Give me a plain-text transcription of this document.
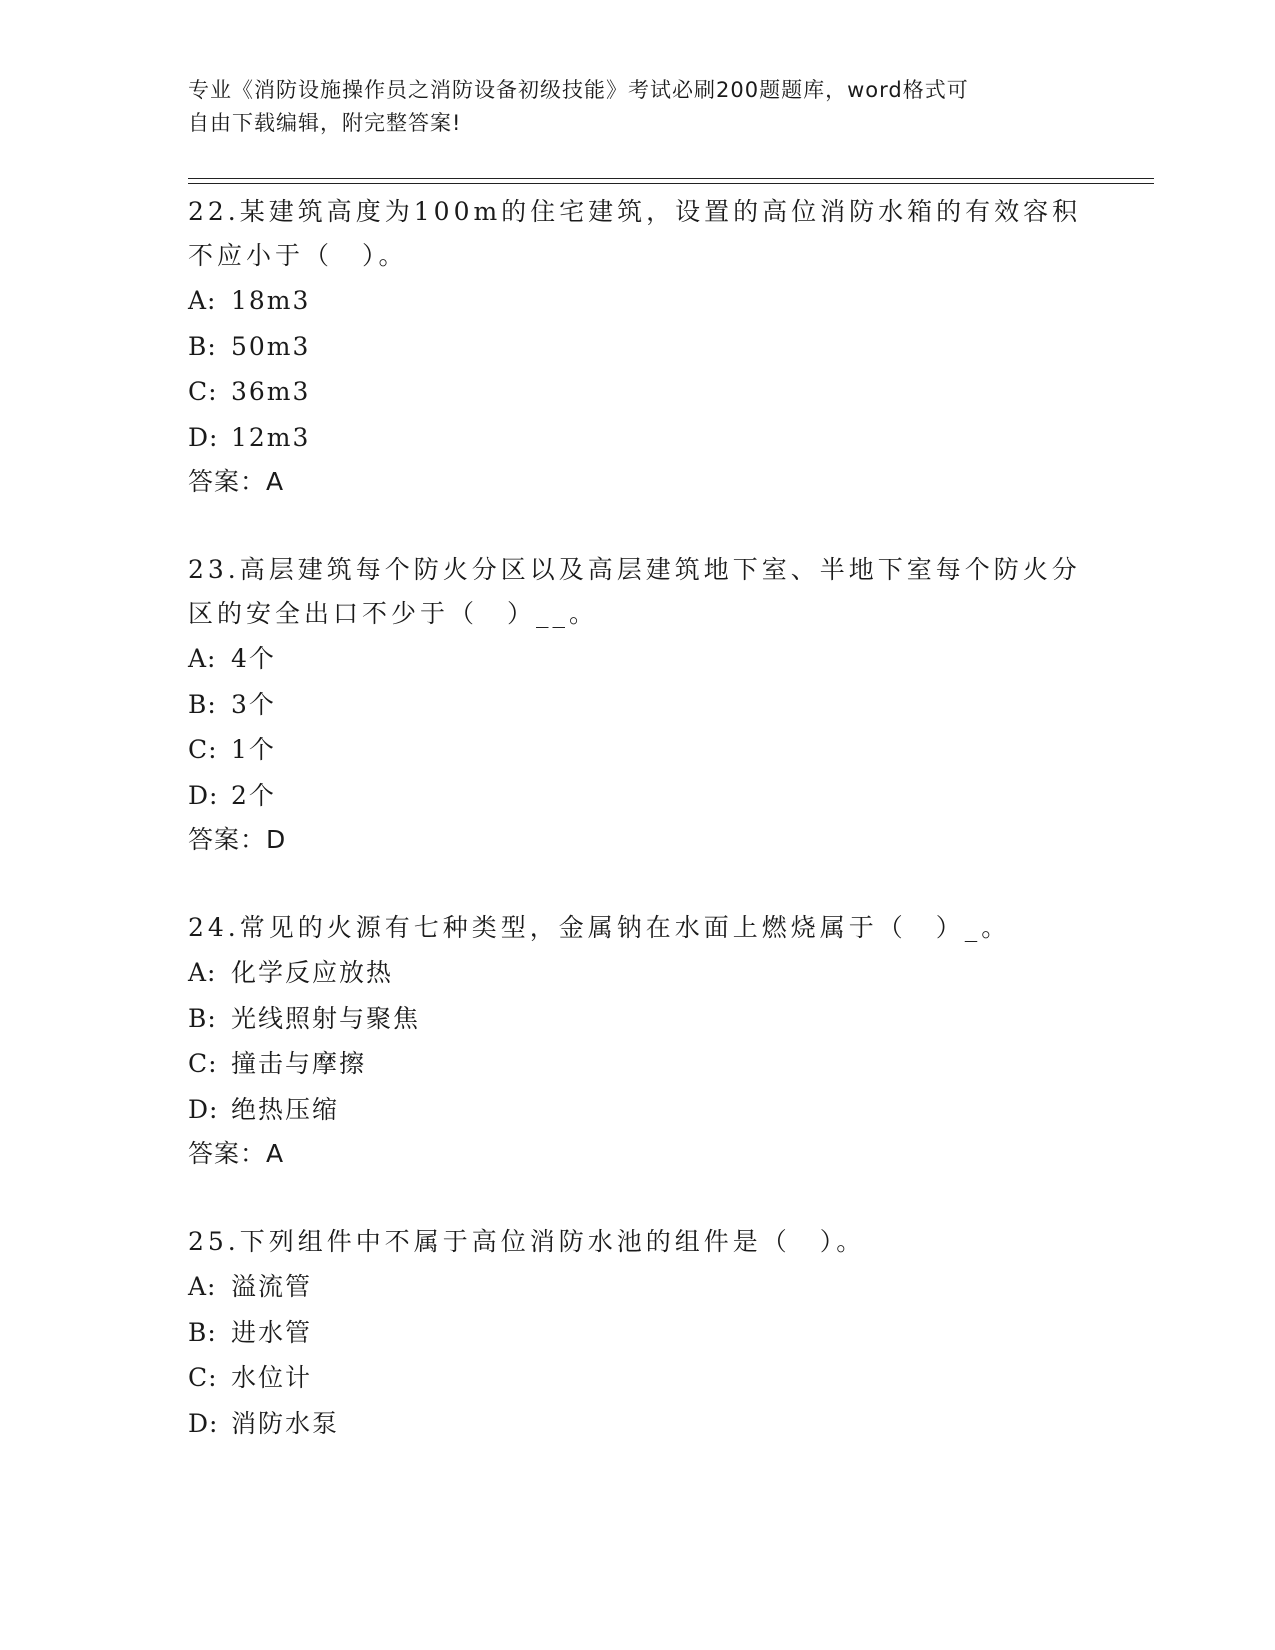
专业《消防设施操作员之消防设备初级技能》考试必刷200题题库，word格式可
自由下载编辑，附完整答案!

22.某建筑高度为100m的住宅建筑，设置的高位消防水箱的有效容积不应小于（　）。

A: 18m3
B: 50m3
C: 36m3
D: 12m3
答案：A

23.高层建筑每个防火分区以及高层建筑地下室、半地下室每个防火分区的安全出口不少于（　）__。

A: 4个
B: 3个
C: 1个
D: 2个
答案：D

24.常见的火源有七种类型，金属钠在水面上燃烧属于（　）_。

A: 化学反应放热
B: 光线照射与聚焦
C: 撞击与摩擦
D: 绝热压缩
答案：A

25.下列组件中不属于高位消防水池的组件是（　）。

A: 溢流管
B: 进水管
C: 水位计
D: 消防水泵
